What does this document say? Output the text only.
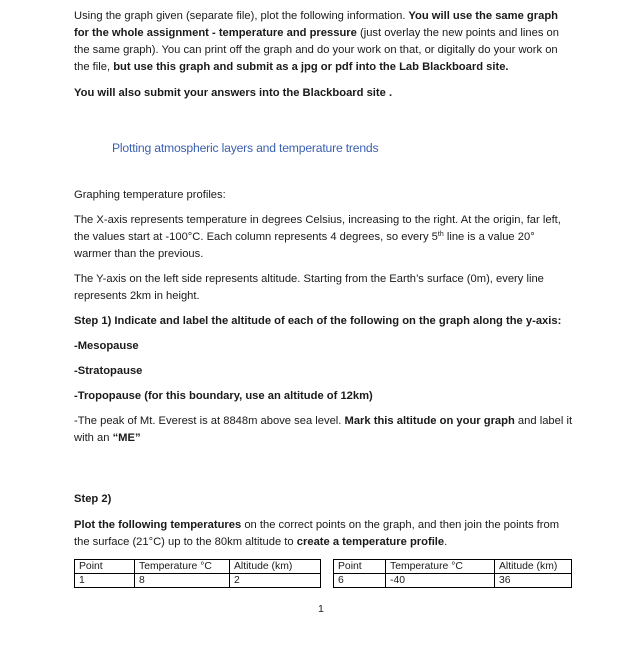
Using the graph given (separate file), plot the following information. You will use the same graph for the whole assignment - temperature and pressure (just overlay the new points and lines on the same graph). You can print off the graph and do your work on that, or digitally do your work on the file, but use this graph and submit as a jpg or pdf into the Lab Blackboard site.

You will also submit your answers into the Blackboard site .

Plotting atmospheric layers and temperature trends

Graphing temperature profiles:

The X-axis represents temperature in degrees Celsius, increasing to the right. At the origin, far left, the values start at -100°C. Each column represents 4 degrees, so every 5th line is a value 20° warmer than the previous.

The Y-axis on the left side represents altitude. Starting from the Earth’s surface (0m), every line represents 2km in height.

Step 1) Indicate and label the altitude of each of the following on the graph along the y-axis:

-Mesopause

-Stratopause

-Tropopause (for this boundary, use an altitude of 12km)

-The peak of Mt. Everest is at 8848m above sea level. Mark this altitude on your graph and label it with an “ME”

Step 2)

Plot the following temperatures on the correct points on the graph, and then join the points from the surface (21°C) up to the 80km altitude to create a temperature profile.

Point	Temperature °C	Altitude (km)
1	8	2
Point	Temperature °C	Altitude (km)
6	-40	36
1
